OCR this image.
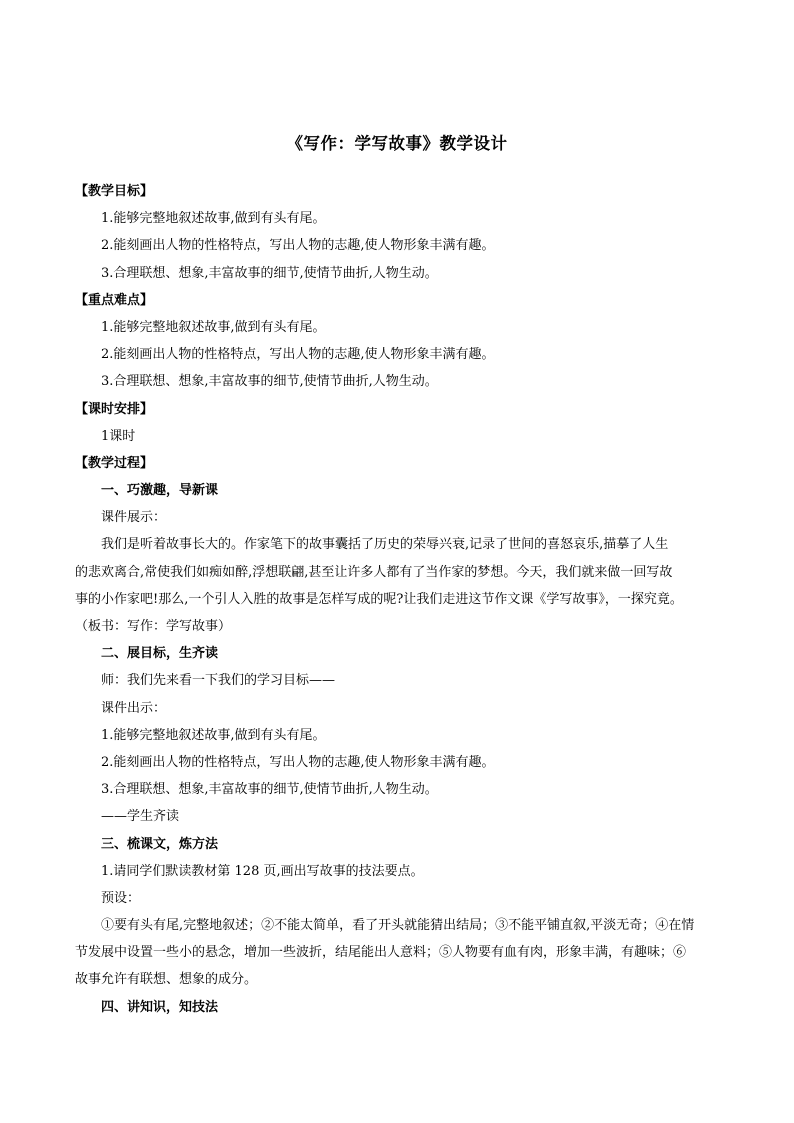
《写作：学写故事》教学设计
【教学目标】
1.能够完整地叙述故事,做到有头有尾。
2.能刻画出人物的性格特点，写出人物的志趣,使人物形象丰满有趣。
3.合理联想、想象,丰富故事的细节,使情节曲折,人物生动。
【重点难点】
1.能够完整地叙述故事,做到有头有尾。
2.能刻画出人物的性格特点，写出人物的志趣,使人物形象丰满有趣。
3.合理联想、想象,丰富故事的细节,使情节曲折,人物生动。
【课时安排】
1课时
【教学过程】
一、巧激趣，导新课
课件展示：
我们是听着故事长大的。作家笔下的故事囊括了历史的荣辱兴衰,记录了世间的喜怒哀乐,描摹了人生
的悲欢离合,常使我们如痴如醉,浮想联翩,甚至让许多人都有了当作家的梦想。今天，我们就来做一回写故
事的小作家吧!那么,一个引人入胜的故事是怎样写成的呢?让我们走进这节作文课《学写故事》，一探究竟。
（板书：写作：学写故事）
二、展目标，生齐读
师：我们先来看一下我们的学习目标——
课件出示：
1.能够完整地叙述故事,做到有头有尾。
2.能刻画出人物的性格特点，写出人物的志趣,使人物形象丰满有趣。
3.合理联想、想象,丰富故事的细节,使情节曲折,人物生动。
——学生齐读
三、梳课文，炼方法
1.请同学们默读教材第 128 页,画出写故事的技法要点。
预设：
①要有头有尾,完整地叙述；②不能太简单，看了开头就能猜出结局；③不能平铺直叙,平淡无奇；④在情
节发展中设置一些小的悬念，增加一些波折，结尾能出人意料；⑤人物要有血有肉，形象丰满，有趣味；⑥
故事允许有联想、想象的成分。
四、讲知识，知技法
